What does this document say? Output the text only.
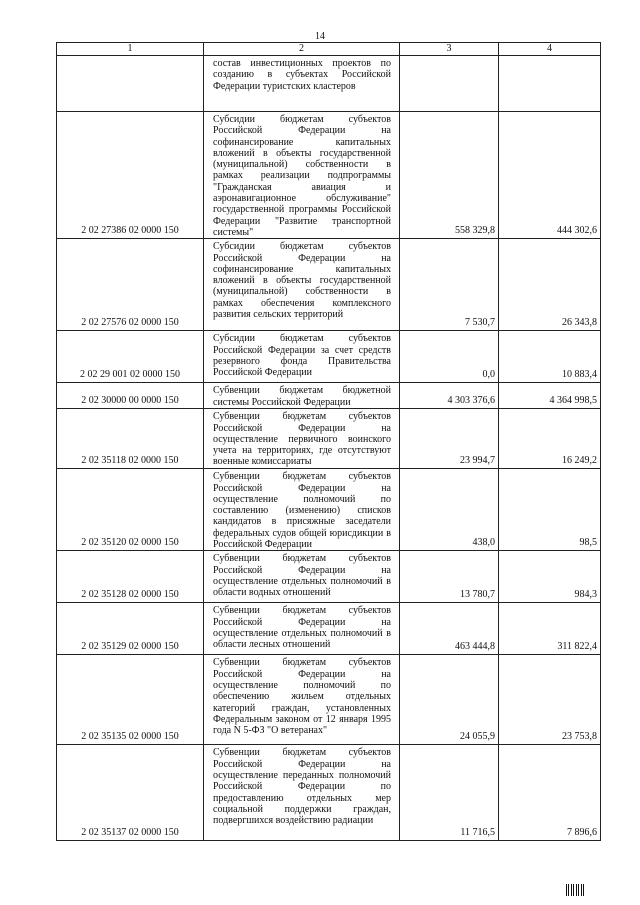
14
1	2	3	4
	состав инвестиционных проектов по созданию в субъектах Российской Федерации туристских кластеров		
2 02 27386 02 0000 150	Субсидии бюджетам субъектов Российской Федерации на софинансирование капитальных вложений в объекты государственной (муниципальной) собственности в рамках реализации подпрограммы "Гражданская авиация и аэронавигационное обслуживание" государственной программы Российской Федерации "Развитие транспортной системы"	558 329,8	444 302,6
2 02 27576 02 0000 150	Субсидии бюджетам субъектов Российской Федерации на софинансирование капитальных вложений в объекты государственной (муниципальной) собственности в рамках обеспечения комплексного развития сельских территорий	7 530,7	26 343,8
2 02 29 001 02 0000 150	Субсидии бюджетам субъектов Российской Федерации за счет средств резервного фонда Правительства Российской Федерации	0,0	10 883,4
2 02 30000 00 0000 150	Субвенции бюджетам бюджетной системы Российской Федерации	4 303 376,6	4 364 998,5
2 02 35118 02 0000 150	Субвенции бюджетам субъектов Российской Федерации на осуществление первичного воинского учета на территориях, где отсутствуют военные комиссариаты	23 994,7	16 249,2
2 02 35120 02 0000 150	Субвенции бюджетам субъектов Российской Федерации на осуществление полномочий по составлению (изменению) списков кандидатов в присяжные заседатели федеральных судов общей юрисдикции в Российской Федерации	438,0	98,5
2 02 35128 02 0000 150	Субвенции бюджетам субъектов Российской Федерации на осуществление отдельных полномочий в области водных отношений	13 780,7	984,3
2 02 35129 02 0000 150	Субвенции бюджетам субъектов Российской Федерации на осуществление отдельных полномочий в области лесных отношений	463 444,8	311 822,4
2 02 35135 02 0000 150	Субвенции бюджетам субъектов Российской Федерации на осуществление полномочий по обеспечению жильем отдельных категорий граждан, установленных Федеральным законом от 12 января 1995 года N 5-ФЗ "О ветеранах"	24 055,9	23 753,8
2 02 35137 02 0000 150	Субвенции бюджетам субъектов Российской Федерации на осуществление переданных полномочий Российской Федерации по предоставлению отдельных мер социальной поддержки граждан, подвергшихся воздействию радиации	11 716,5	7 896,6
